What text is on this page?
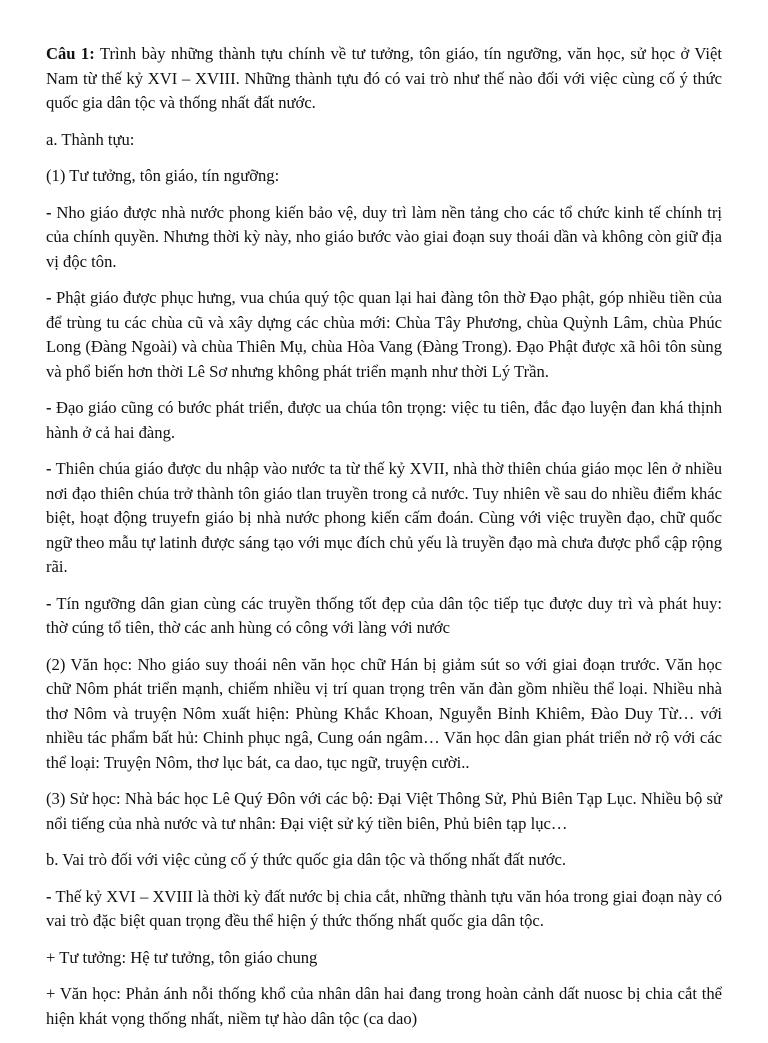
Câu 1: Trình bày những thành tựu chính về tư tưởng, tôn giáo, tín ngưỡng, văn học, sử học ở Việt Nam từ thế kỷ XVI – XVIII. Những thành tựu đó có vai trò như thế nào đối với việc cùng cố ý thức quốc gia dân tộc và thống nhất đất nước.

a. Thành tựu:

(1) Tư tưởng, tôn giáo, tín ngưỡng:

- Nho giáo được nhà nước phong kiến bảo vệ, duy trì làm nền tảng cho các tổ chức kinh tế chính trị của chính quyền. Nhưng thời kỳ này, nho giáo bước vào giai đoạn suy thoái dần và không còn giữ địa vị độc tôn.

- Phật giáo được phục hưng, vua chúa quý tộc quan lại hai đàng tôn thờ Đạo phật, góp nhiều tiền của để trùng tu các chùa cũ và xây dựng các chùa mới: Chùa Tây Phương, chùa Quỳnh Lâm, chùa Phúc Long (Đàng Ngoài) và chùa Thiên Mụ, chùa Hòa Vang (Đàng Trong). Đạo Phật được xã hôi tôn sùng và phổ biến hơn thời Lê Sơ nhưng không phát triển mạnh như thời Lý Trần.

- Đạo giáo cũng có bước phát triển, được ua chúa tôn trọng: việc tu tiên, đắc đạo luyện đan khá thịnh hành ở cả hai đàng.

- Thiên chúa giáo được du nhập vào nước ta từ thế kỷ XVII, nhà thờ thiên chúa giáo mọc lên ở nhiều nơi đạo thiên chúa trở thành tôn giáo tlan truyền trong cả nước. Tuy nhiên về sau do nhiều điểm khác biệt, hoạt động truyefn giáo bị nhà nước phong kiến cấm đoán. Cùng với việc truyền đạo, chữ quốc ngữ theo mẫu tự latinh được sáng tạo với mục đích chủ yếu là truyền đạo mà chưa được phổ cập rộng rãi.

- Tín ngưỡng dân gian cùng các truyền thống tốt đẹp của dân tộc tiếp tục được duy trì và phát huy: thờ cúng tổ tiên, thờ các anh hùng có công với làng với nước

(2) Văn học: Nho giáo suy thoái nên văn học chữ Hán bị giảm sút so với giai đoạn trước. Văn học chữ Nôm phát triển mạnh, chiếm nhiều vị trí quan trọng trên văn đàn gồm nhiều thể loại. Nhiều nhà thơ Nôm và truyện Nôm xuất hiện: Phùng Khắc Khoan, Nguyễn Bỉnh Khiêm, Đào Duy Từ… với nhiều tác phẩm bất hủ: Chinh phục ngâ, Cung oán ngâm… Văn học dân gian phát triển nở rộ với các thể loại: Truyện Nôm, thơ lục bát, ca dao, tục ngữ, truyện cười..

(3) Sử học: Nhà bác học Lê Quý Đôn với các bộ: Đại Việt Thông Sử, Phủ Biên Tạp Lục. Nhiều bộ sử nổi tiếng của nhà nước và tư nhân: Đại việt sử ký tiền biên, Phủ biên tạp lục…

b. Vai trò đối với việc củng cố ý thức quốc gia dân tộc và thống nhất đất nước.

- Thế kỷ XVI – XVIII là thời kỳ đất nước bị chia cắt, những thành tựu văn hóa trong giai đoạn này có vai trò đặc biệt quan trọng đều thể hiện ý thức thống nhất quốc gia dân tộc.

+ Tư tưởng: Hệ tư tưởng, tôn giáo chung

+ Văn học: Phản ánh nỗi thống khổ của nhân dân hai đang trong hoàn cảnh dất nuosc bị chia cắt thể hiện khát vọng thống nhất, niềm tự hào dân tộc (ca dao)
